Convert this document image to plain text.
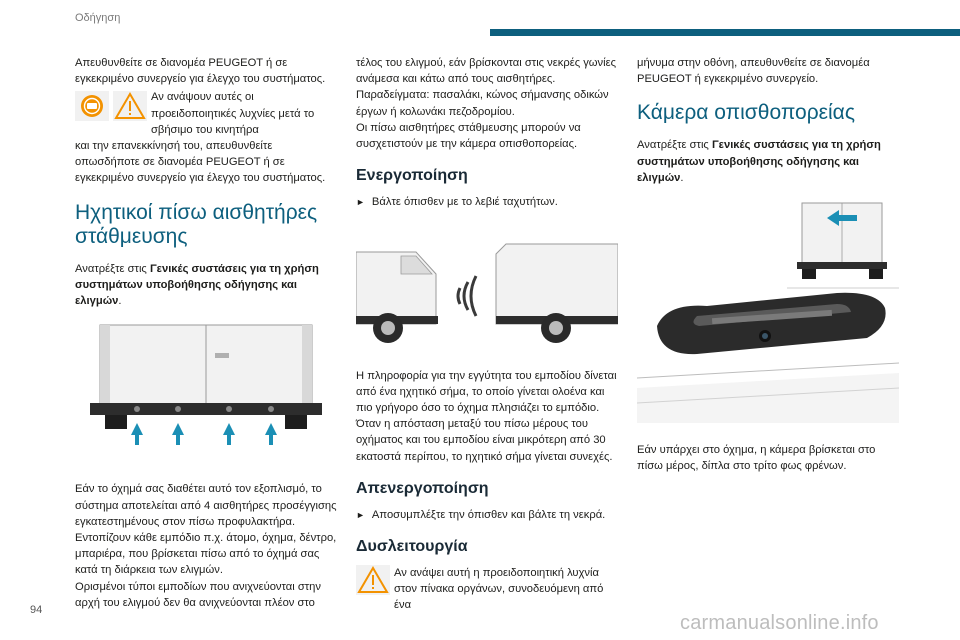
Οδήγηση

Απευθυνθείτε σε διανομέα PEUGEOT ή σε εγκεκριμένο συνεργείο για έλεγχο του συστήματος.

Αν ανάψουν αυτές οι προειδοποιητικές λυχνίες μετά το σβήσιμο του κινητήρα

και την επανεκκίνησή του, απευθυνθείτε οπωσδήποτε σε διανομέα PEUGEOT ή σε εγκεκριμένο συνεργείο για έλεγχο του συστήματος.

Ηχητικοί πίσω αισθητήρες στάθμευσης

Ανατρέξτε στις Γενικές συστάσεις για τη χρήση συστημάτων υποβοήθησης οδήγησης και ελιγμών.

Εάν το όχημά σας διαθέτει αυτό τον εξοπλισμό, το σύστημα αποτελείται από 4 αισθητήρες προσέγγισης εγκατεστημένους στον πίσω προφυλακτήρα.

Εντοπίζουν κάθε εμπόδιο π.χ. άτομο, όχημα, δέντρο, μπαριέρα, που βρίσκεται πίσω από το όχημά σας κατά τη διάρκεια των ελιγμών.

Ορισμένοι τύποι εμποδίων που ανιχνεύονται στην αρχή του ελιγμού δεν θα ανιχνεύονται πλέον στο

τέλος του ελιγμού, εάν βρίσκονται στις νεκρές γωνίες ανάμεσα και κάτω από τους αισθητήρες.

Παραδείγματα: πασαλάκι, κώνος σήμανσης οδικών έργων ή κολωνάκι πεζοδρομίου.

Οι πίσω αισθητήρες στάθμευσης μπορούν να συσχετιστούν με την κάμερα οπισθοπορείας.

Ενεργοποίηση
► Βάλτε όπισθεν με το λεβιέ ταχυτήτων.

Η πληροφορία για την εγγύτητα του εμποδίου δίνεται από ένα ηχητικό σήμα, το οποίο γίνεται ολοένα και πιο γρήγορο όσο το όχημα πλησιάζει το εμπόδιο.

Όταν η απόσταση μεταξύ του πίσω μέρους του οχήματος και του εμποδίου είναι μικρότερη από 30 εκατοστά περίπου, το ηχητικό σήμα γίνεται συνεχές.

Απενεργοποίηση
► Αποσυμπλέξτε την όπισθεν και βάλτε τη νεκρά.
Δυσλειτουργία
Αν ανάψει αυτή η προειδοποιητική λυχνία στον πίνακα οργάνων, συνοδευόμενη από ένα

μήνυμα στην οθόνη, απευθυνθείτε σε διανομέα PEUGEOT ή εγκεκριμένο συνεργείο.

Κάμερα οπισθοπορείας

Ανατρέξτε στις Γενικές συστάσεις για τη χρήση συστημάτων υποβοήθησης οδήγησης και ελιγμών.

Εάν υπάρχει στο όχημα, η κάμερα βρίσκεται στο πίσω μέρος, δίπλα στο τρίτο φως φρένων.

94
carmanualsonline.info
